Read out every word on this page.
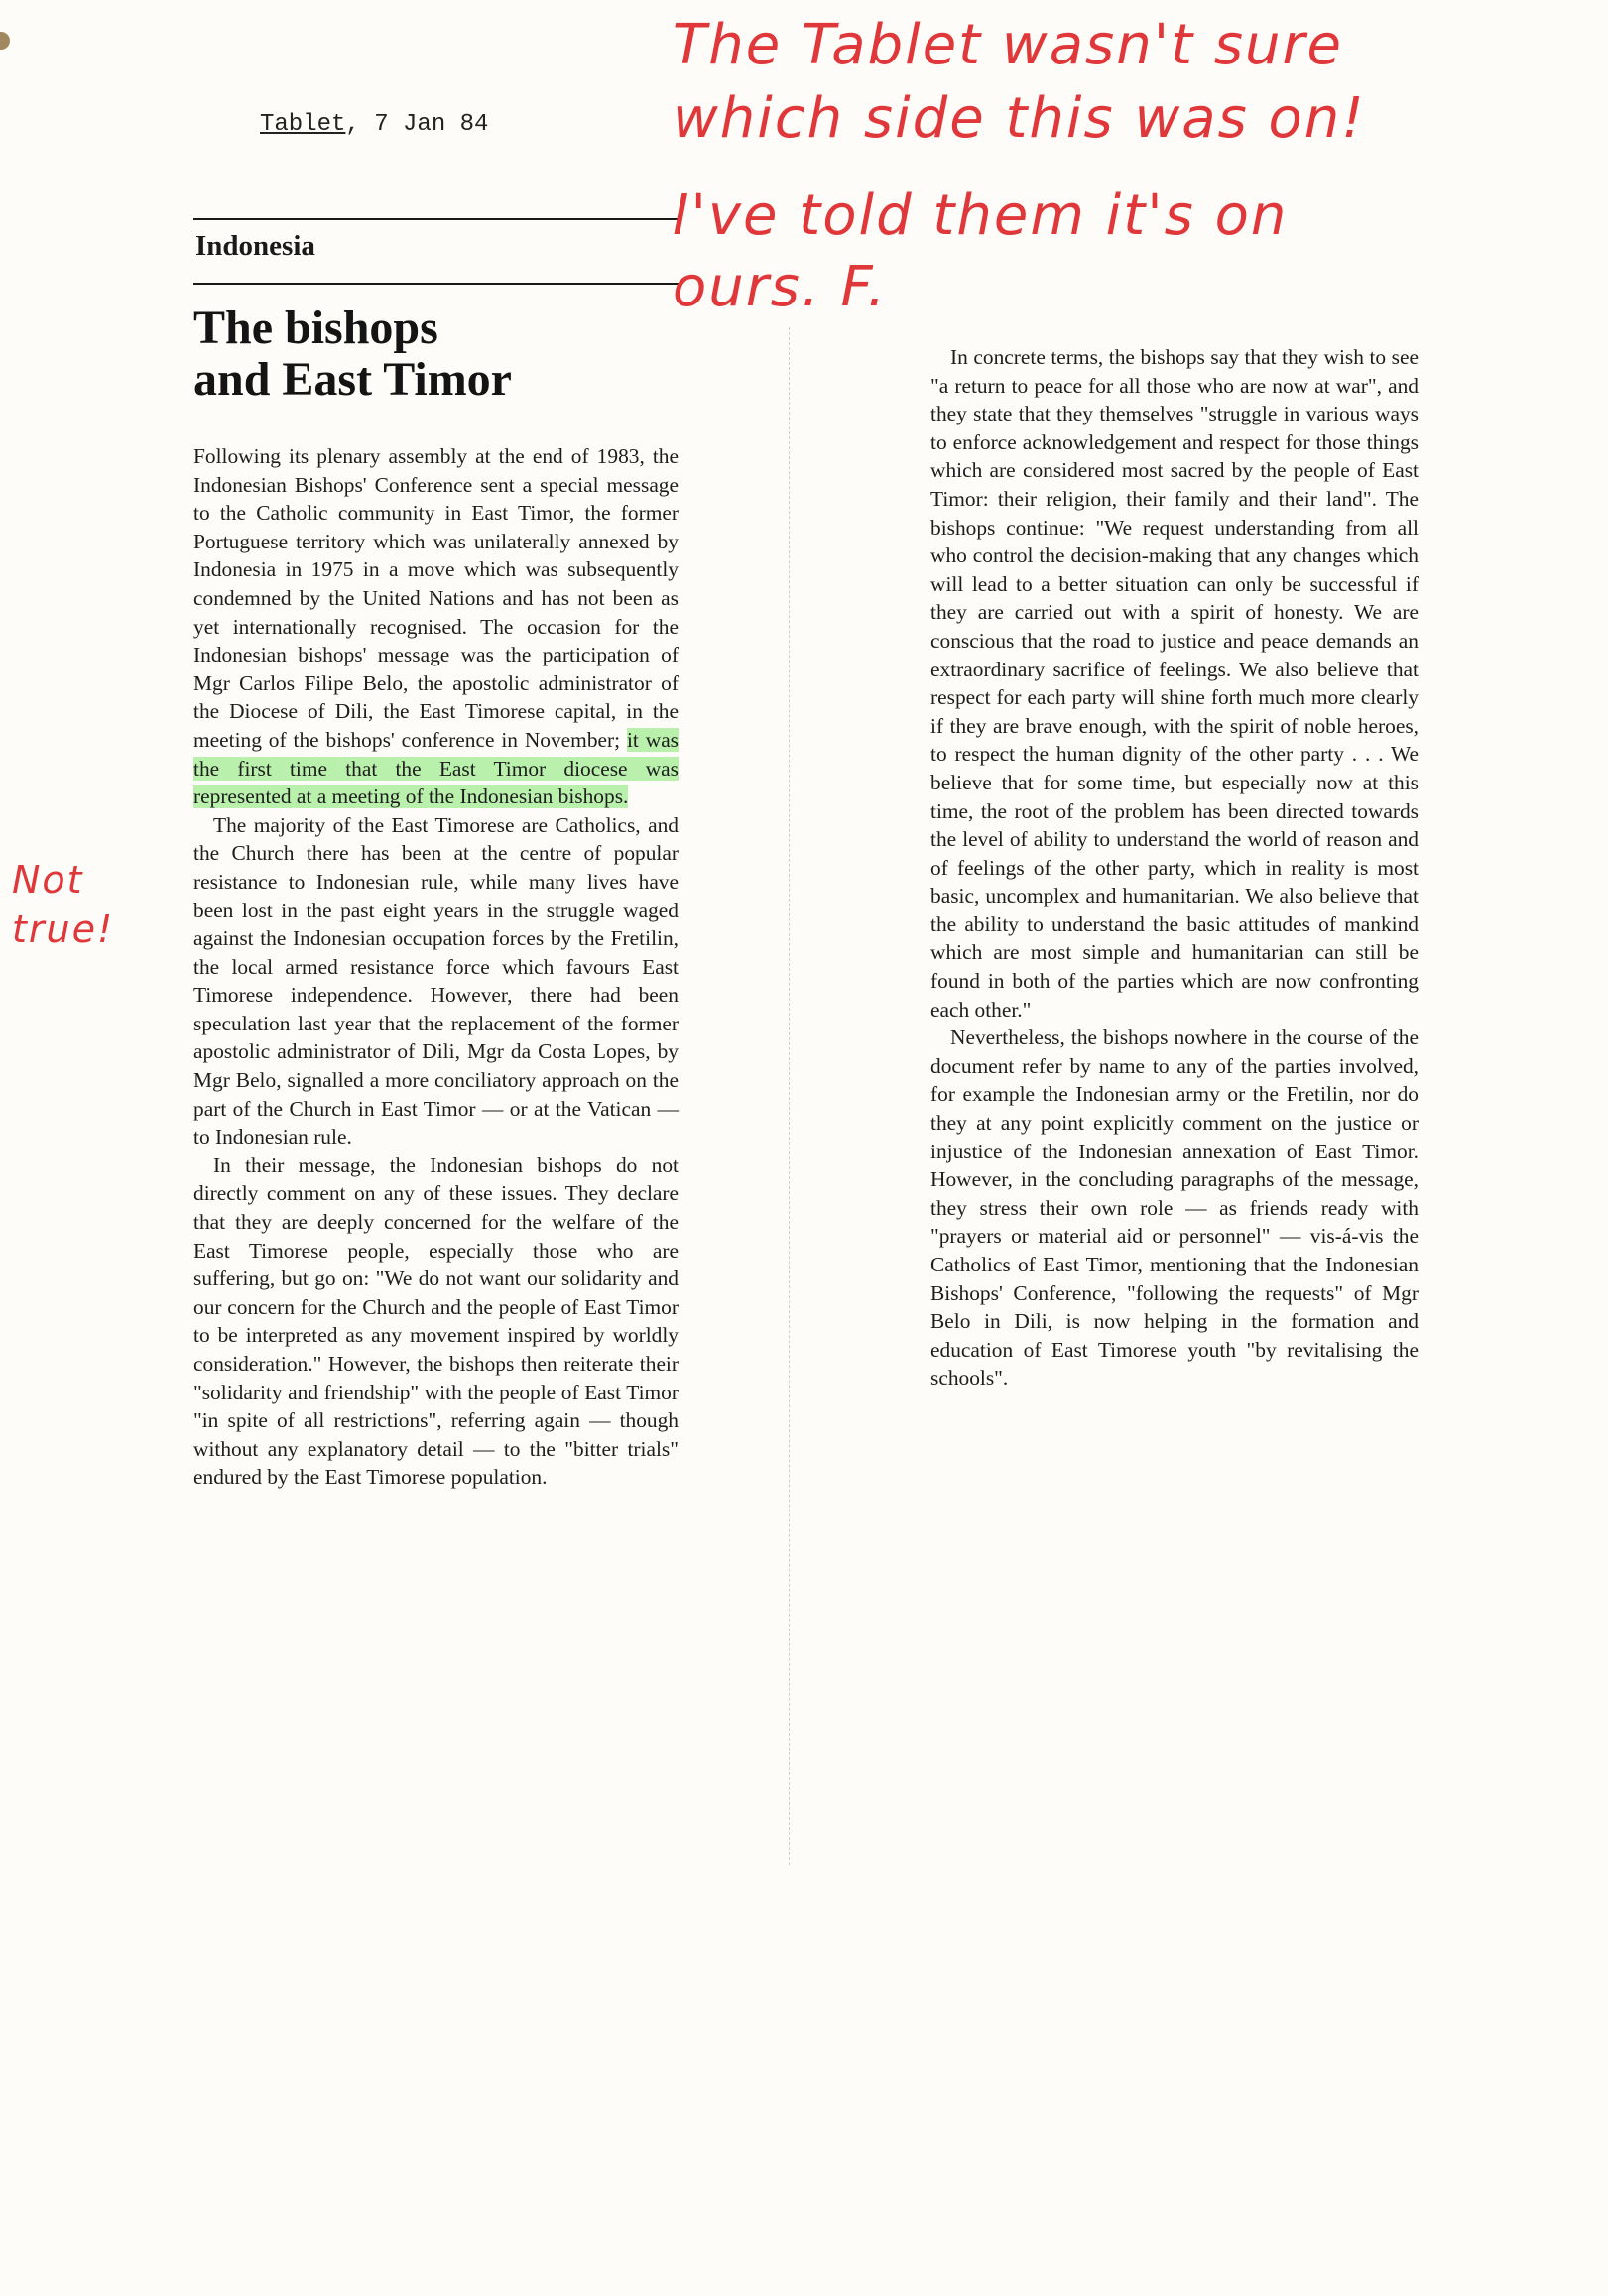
Tablet, 7 Jan 84
Indonesia
The bishops
and East Timor

Following its plenary assembly at the end of 1983, the Indonesian Bishops' Conference sent a special message to the Catholic community in East Timor, the former Portuguese territory which was unilaterally annexed by Indonesia in 1975 in a move which was subsequently condemned by the United Nations and has not been as yet internationally recognised. The occasion for the Indonesian bishops' message was the participation of Mgr Carlos Filipe Belo, the apostolic administrator of the Diocese of Dili, the East Timorese capital, in the meeting of the bishops' conference in November; it was the first time that the East Timor diocese was represented at a meeting of the Indonesian bishops.

The majority of the East Timorese are Catholics, and the Church there has been at the centre of popular resistance to Indonesian rule, while many lives have been lost in the past eight years in the struggle waged against the Indonesian occupation forces by the Fretilin, the local armed resistance force which favours East Timorese independence. However, there had been speculation last year that the replacement of the former apostolic administrator of Dili, Mgr da Costa Lopes, by Mgr Belo, signalled a more conciliatory approach on the part of the Church in East Timor — or at the Vatican — to Indonesian rule.

In their message, the Indonesian bishops do not directly comment on any of these issues. They declare that they are deeply concerned for the welfare of the East Timorese people, especially those who are suffering, but go on: "We do not want our solidarity and our concern for the Church and the people of East Timor to be interpreted as any movement inspired by worldly consideration." However, the bishops then reiterate their "solidarity and friendship" with the people of East Timor "in spite of all restrictions", referring again — though without any explanatory detail — to the "bitter trials" endured by the East Timorese population.

In concrete terms, the bishops say that they wish to see "a return to peace for all those who are now at war", and they state that they themselves "struggle in various ways to enforce acknowledgement and respect for those things which are considered most sacred by the people of East Timor: their religion, their family and their land". The bishops continue: "We request understanding from all who control the decision-making that any changes which will lead to a better situation can only be successful if they are carried out with a spirit of honesty. We are conscious that the road to justice and peace demands an extraordinary sacrifice of feelings. We also believe that respect for each party will shine forth much more clearly if they are brave enough, with the spirit of noble heroes, to respect the human dignity of the other party . . . We believe that for some time, but especially now at this time, the root of the problem has been directed towards the level of ability to understand the world of reason and of feelings of the other party, which in reality is most basic, uncomplex and humanitarian. We also believe that the ability to understand the basic attitudes of mankind which are most simple and humanitarian can still be found in both of the parties which are now confronting each other."

Nevertheless, the bishops nowhere in the course of the document refer by name to any of the parties involved, for example the Indonesian army or the Fretilin, nor do they at any point explicitly comment on the justice or injustice of the Indonesian annexation of East Timor. However, in the concluding paragraphs of the message, they stress their own role — as friends ready with "prayers or material aid or personnel" — vis-á-vis the Catholics of East Timor, mentioning that the Indonesian Bishops' Conference, "following the requests" of Mgr Belo in Dili, is now helping in the formation and education of East Timorese youth "by revitalising the schools".

The Tablet wasn't sure
which side this was on!
I've told them it's on
ours. F.
Not
true!
